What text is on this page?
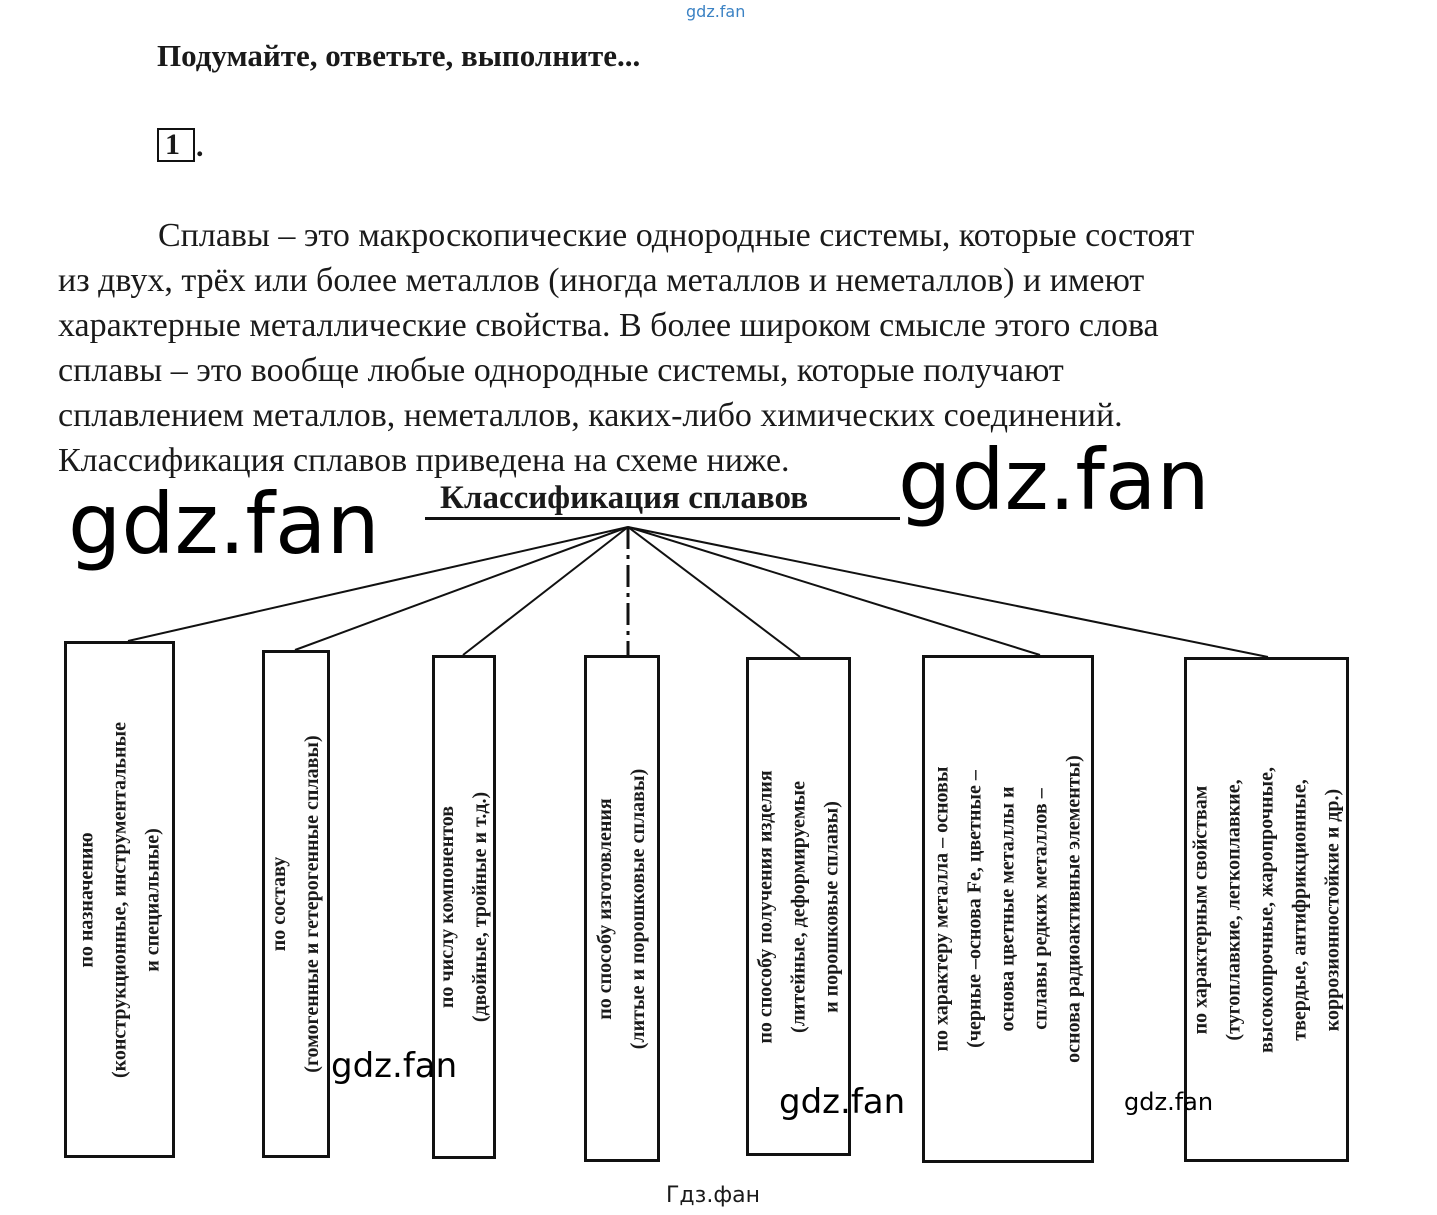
gdz.fan
Подумайте, ответьте, выполните...
1 .
Сплавы – это макроскопические однородные системы, которые состоят
из двух, трёх или более металлов (иногда металлов и неметаллов) и имеют
характерные металлические свойства. В более широком смысле этого слова
сплавы – это вообще любые однородные системы, которые получают
сплавлением металлов, неметаллов, каких-либо химических соединений.
Классификация сплавов приведена на схеме ниже.
Классификация сплавов
по назначению (конструкционные, инструментальные и специальные)	по составу (гомогенные и гетерогенные сплавы)	по числу компонентов (двойные, тройные и т.д.)	по способу изготовления (литые и порошковые сплавы)	по способу получения изделия (литейные, деформируемые и порошковые сплавы)	по характеру металла – основы (черные –основа Fe, цветные – основа цветные металлы и сплавы редких металлов – основа радиоактивные элементы)	по характерным свойствам (тугоплавкие, легкоплавкие, высокопрочные, жаропрочные, твердые, антифрикционные, коррозионностойкие и др.)
gdz.fan	gdz.fan
gdz.fan
gdz.fan	gdz.fan
Гдз.фан
